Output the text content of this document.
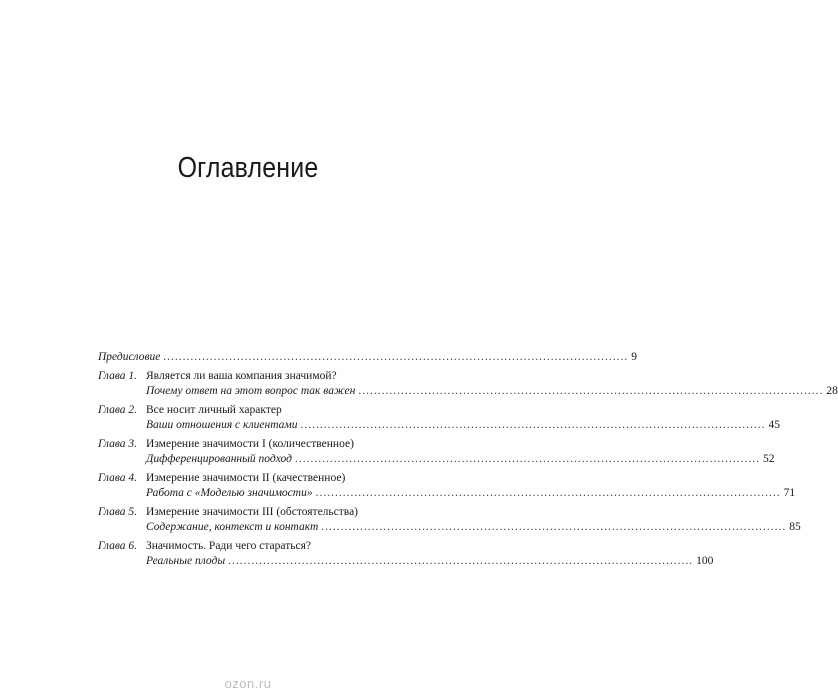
Оглавление
Предисловие ........................................................................................................................ 9
Глава 1. Является ли ваша компания значимой?
Почему ответ на этот вопрос так важен ........................................................................................................................ 28
Глава 2. Все носит личный характер
Ваши отношения с клиентами ........................................................................................................................ 45
Глава 3. Измерение значимости I (количественное)
Дифференцированный подход ........................................................................................................................ 52
Глава 4. Измерение значимости II (качественное)
Работа с «Моделью значимости» ........................................................................................................................ 71
Глава 5. Измерение значимости III (обстоятельства)
Содержание, контекст и контакт ........................................................................................................................ 85
Глава 6. Значимость. Ради чего стараться?
Реальные плоды ........................................................................................................................ 100
ozon.ru
